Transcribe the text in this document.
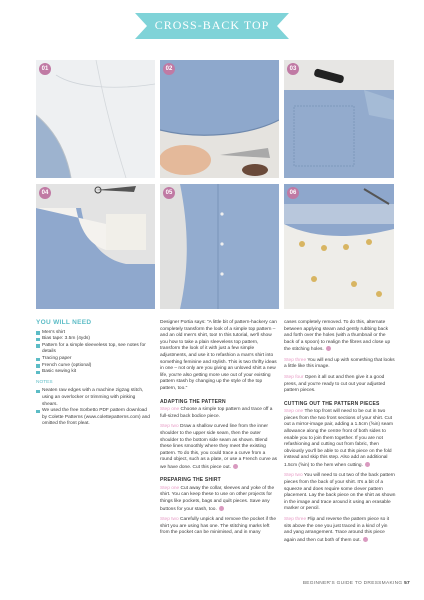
CROSS-BACK TOP
01	02	03
04	05	06
YOU WILL NEED
Men's shirt
Bias tape: 3.5m (4yds)
Pattern for a simple sleeveless top, see notes for details
Tracing paper
French curve (optional)
Basic sewing kit
NOTES
Neaten raw edges with a machine zigzag stitch, using an overlocker or trimming with pinking shears.
We used the free Sorbetto PDF pattern download by Colette Patterns (www.colettepatterns.com) and omitted the front pleat.

Designer Portia says: "A little bit of pattern-hackery can completely transform the look of a simple top pattern – and an old men's shirt, too! In this tutorial, we'll show you how to take a plain sleeveless top pattern, transform the look of it with just a few simple adjustments, and use it to refashion a man's shirt into something feminine and stylish. This is two thrifty ideas in one – not only are you giving an unloved shirt a new life, you're also getting more use out of your existing pattern stash by changing up the style of the top pattern, too."

ADAPTING THE PATTERN

Step one Choose a simple top pattern and trace off a full-sized back bodice piece.

Step two Draw a shallow curved line from the inner shoulder to the upper side seam, then the outer shoulder to the bottom side seam as shown. Blend these lines smoothly where they meet the existing pattern. To do this, you could trace a curve from a round object, such as a plate, or use a French curve as we have done. Cut this piece out.

PREPARING THE SHIRT

Step one Cut away the collar, sleeves and yoke of the shirt. You can keep these to use on other projects for things like pockets, bags and quilt pieces. Save any buttons for your stash, too.

Step two Carefully unpick and remove the pocket if the shirt you are using has one. The stitching marks left from the pocket can be minimised, and in many

cases completely removed. To do this, alternate between applying steam and gently rubbing back and forth over the holes (with a thumbnail or the back of a spoon) to realign the fibres and close up the stitching holes.

Step three You will end up with something that looks a little like this image.

Step four Open it all out and then give it a good press, and you're ready to cut out your adjusted pattern pieces.

CUTTING OUT THE PATTERN PIECES

Step one The top front will need to be cut in two pieces from the two front sections of your shirt. Cut out a mirror-image pair, adding a 1.5cm (⅝in) seam allowance along the centre front of both sides to enable you to join them together. If you are not refashioning and cutting out from fabric, then obviously you'll be able to cut this piece on the fold instead and skip this step. Also add an additional 1.5cm (⅝in) to the hem when cutting.

Step two You will need to cut two of the back pattern pieces from the back of your shirt. It's a bit of a squeeze and does require some clever pattern placement. Lay the back piece on the shirt as shown in the image and trace around it using an erasable marker or pencil.

Step three Flip and reverse the pattern piece so it sits above the one you just traced in a kind of yin and yang arrangement. Trace around this piece again and then cut both of them out.

BEGINNER'S GUIDE TO DRESSMAKING 57
